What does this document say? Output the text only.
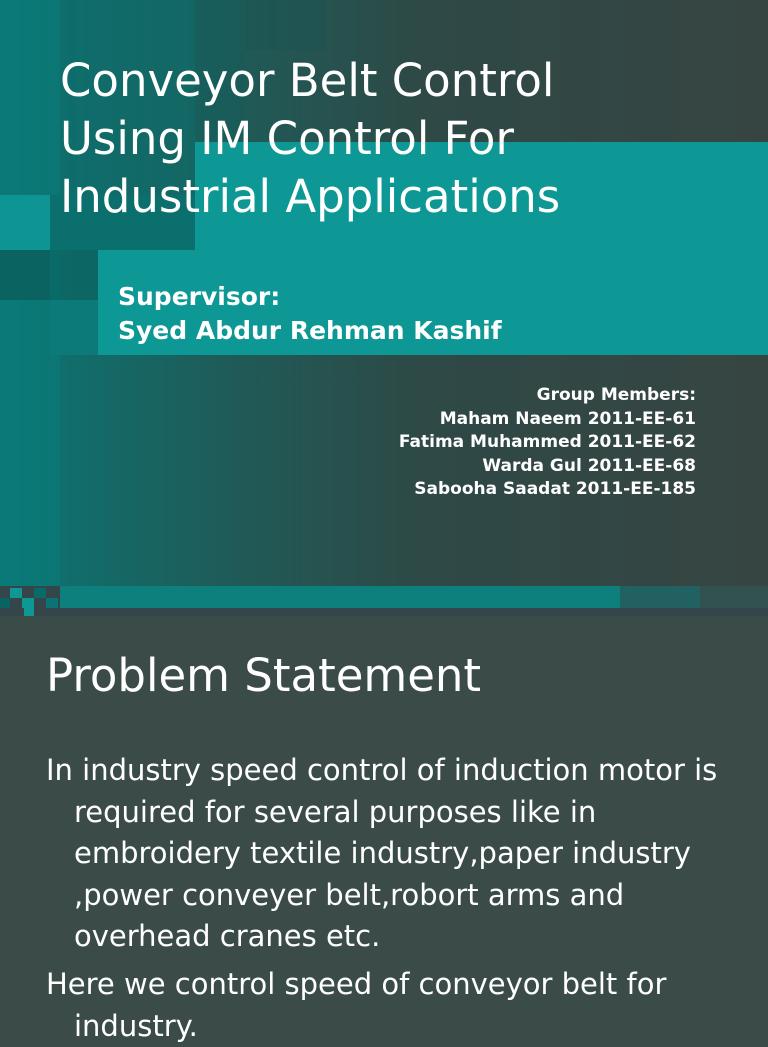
Conveyor Belt Control
Using IM Control For
Industrial Applications
Supervisor:
Syed Abdur Rehman Kashif
Group Members:
Maham Naeem 2011-EE-61
Fatima Muhammed 2011-EE-62
Warda Gul 2011-EE-68
Sabooha Saadat 2011-EE-185
Problem Statement
In industry speed control of induction motor is required for several purposes like in embroidery textile industry,paper industry ,power conveyer belt,robort arms and overhead cranes etc.
Here we control speed of conveyor belt for industry.
